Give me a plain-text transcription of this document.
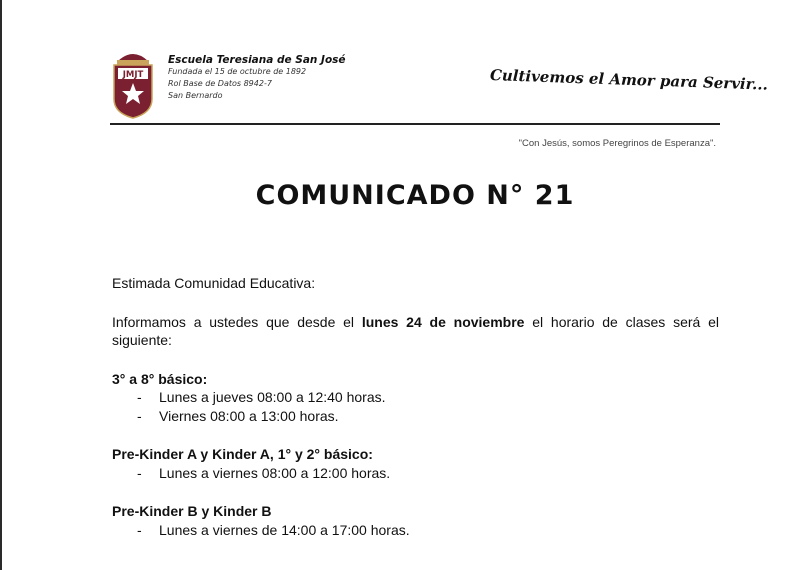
JMJT
Escuela Teresiana de San José
Fundada el 15 de octubre de 1892
Rol Base de Datos 8942-7
San Bernardo
Cultivemos el Amor para Servir...
"Con Jesús, somos Peregrinos de Esperanza".
COMUNICADO N° 21
Estimada Comunidad Educativa:
Informamos a ustedes que desde el lunes 24 de noviembre el horario de clases será el siguiente:
3° a 8° básico:
- Lunes a jueves 08:00 a 12:40 horas.
- Viernes 08:00 a 13:00 horas.
Pre-Kinder A y Kinder A, 1° y 2° básico:
- Lunes a viernes 08:00 a 12:00 horas.
Pre-Kinder B y Kinder B
- Lunes a viernes de 14:00 a 17:00 horas.
